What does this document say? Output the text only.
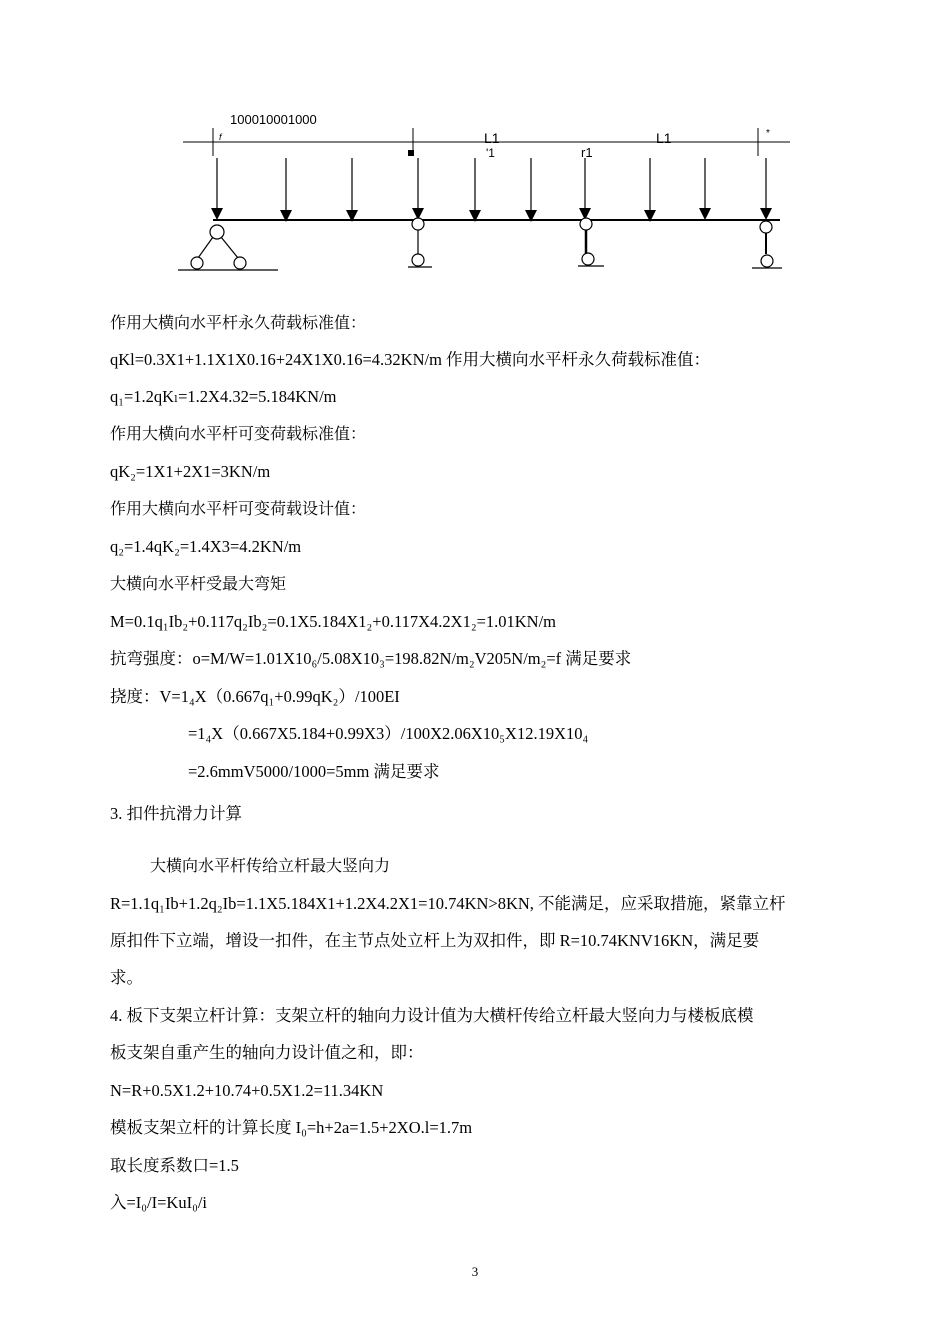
100010001000
f	L1	L1	*
'1	r1
作用大横向水平杆永久荷载标准值：
qKl=0.3X1+1.1X1X0.16+24X1X0.16=4.32KN/m 作用大横向水平杆永久荷载标准值：
q₁=1.2qKₗ=1.2X4.32=5.184KN/m
作用大横向水平杆可变荷载标准值：
qK₂=1X1+2X1=3KN/m
作用大横向水平杆可变荷载设计值：
q₂=1.4qK₂=1.4X3=4.2KN/m
大横向水平杆受最大弯矩
M=0.1q₁Ib₂+0.117q₂Ib₂=0.1X5.184X1₂+0.117X4.2X1₂=1.01KN/m
抗弯强度：o=M/W=1.01X10₆/5.08X10₃=198.82N/m₂V205N/m₂=f 满足要求
挠度：V=1₄X（0.667q₁+0.99qK₂）/100EI
=1₄X（0.667X5.184+0.99X3）/100X2.06X10₅X12.19X10₄
=2.6mmV5000/1000=5mm 满足要求
3. 扣件抗滑力计算
大横向水平杆传给立杆最大竖向力
R=1.1q₁Ib+1.2q₂Ib=1.1X5.184X1+1.2X4.2X1=10.74KN>8KN, 不能满足，应采取措施，紧靠立杆
原扣件下立端，增设一扣件，在主节点处立杆上为双扣件，即 R=10.74KNV16KN，满足要
求。
4. 板下支架立杆计算：支架立杆的轴向力设计值为大横杆传给立杆最大竖向力与楼板底模
板支架自重产生的轴向力设计值之和，即：
N=R+0.5X1.2+10.74+0.5X1.2=11.34KN
模板支架立杆的计算长度 I₀=h+2a=1.5+2XO.l=1.7m
取长度系数口=1.5
入=I₀/I=KuI₀/i
3
